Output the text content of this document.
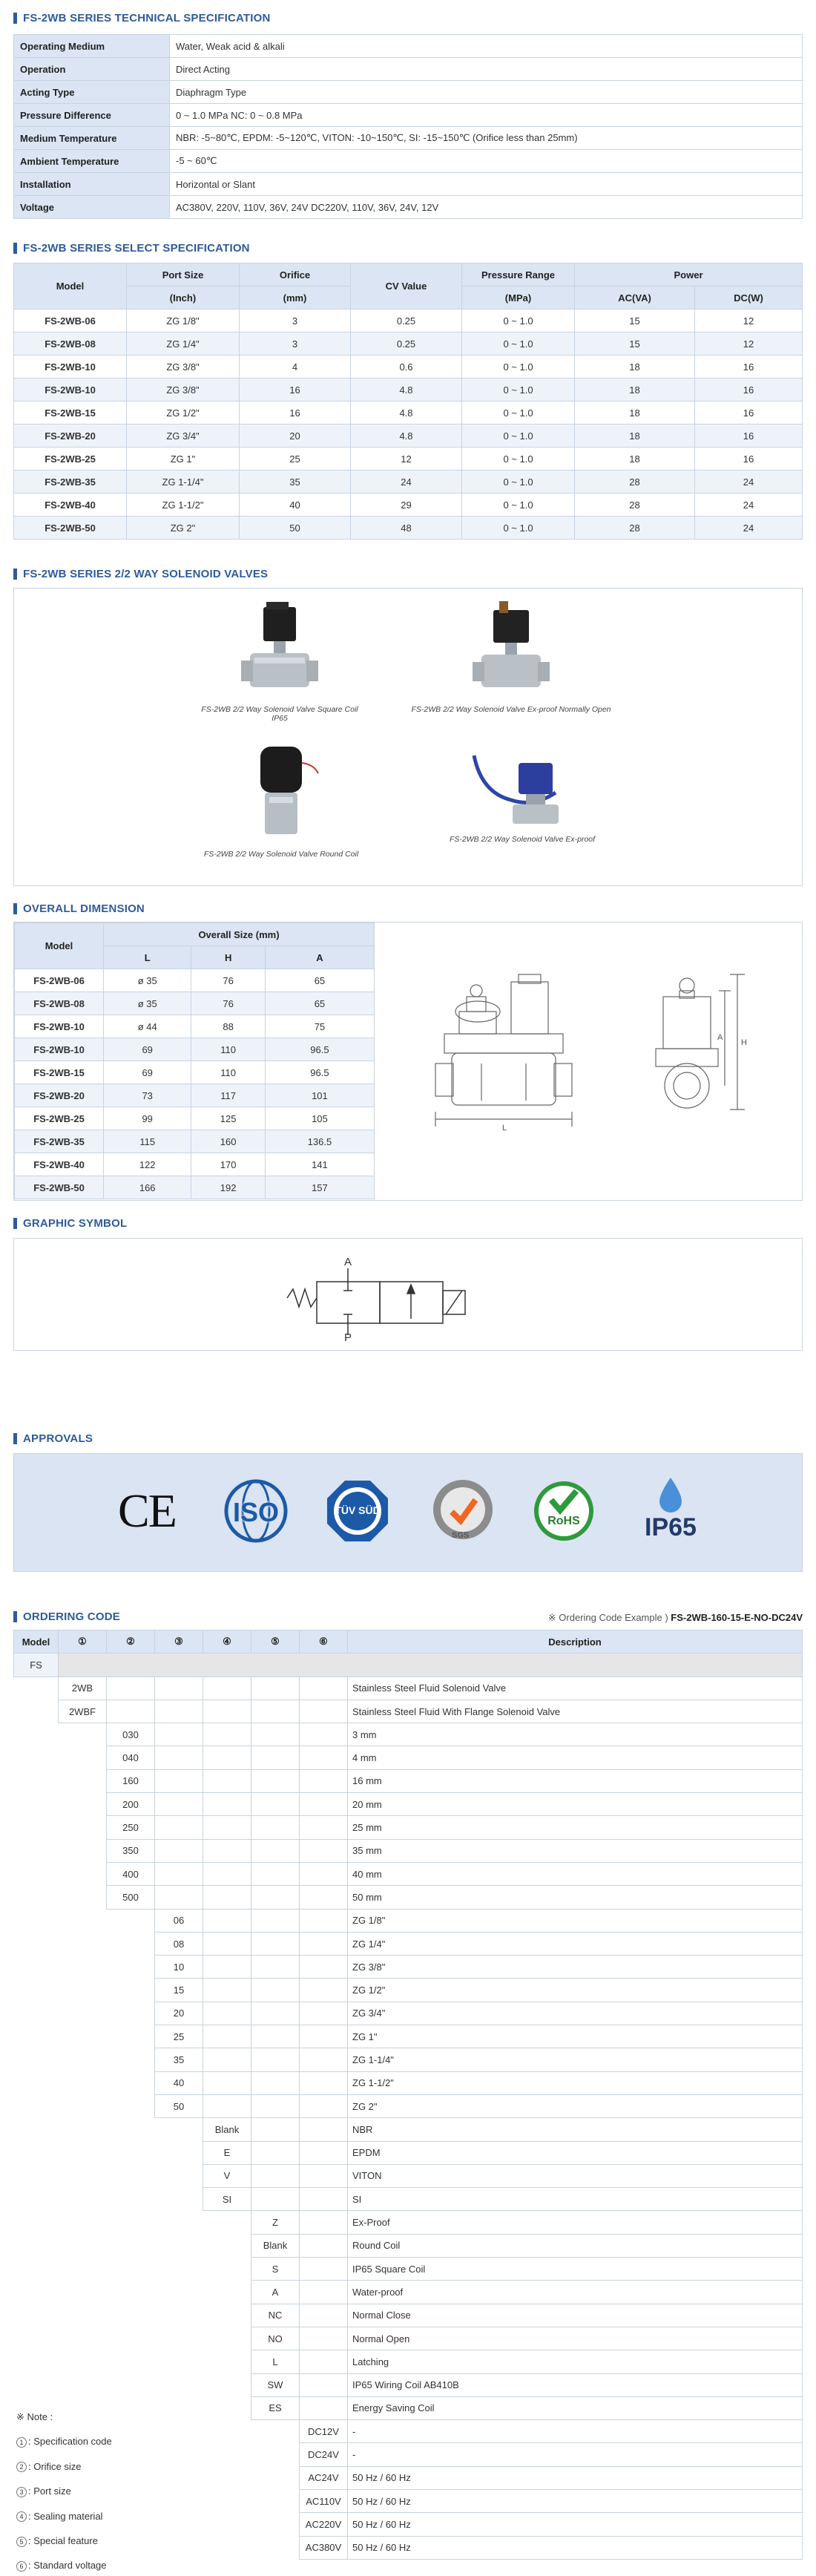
FS-2WB SERIES TECHNICAL SPECIFICATION
Operating Medium	Water, Weak acid & alkali
Operation	Direct Acting
Acting Type	Diaphragm Type
Pressure Difference	0 ~ 1.0 MPa NC: 0 ~ 0.8 MPa
Medium Temperature	NBR: -5~80℃, EPDM: -5~120℃, VITON: -10~150℃, SI: -15~150℃ (Orifice less than 25mm)
Ambient Temperature	-5 ~ 60℃
Installation	Horizontal or Slant
Voltage	AC380V, 220V, 110V, 36V, 24V DC220V, 110V, 36V, 24V, 12V
FS-2WB SERIES SELECT SPECIFICATION
Model	Port Size	Orifice	CV Value	Pressure Range	Power	
	(Inch)	(mm)		(MPa)	AC(VA)	DC(W)
FS-2WB-06	ZG 1/8"	3	0.25	0 ~ 1.0	15	12
FS-2WB-08	ZG 1/4"	3	0.25	0 ~ 1.0	15	12
FS-2WB-10	ZG 3/8"	4	0.6	0 ~ 1.0	18	16
FS-2WB-10	ZG 3/8"	16	4.8	0 ~ 1.0	18	16
FS-2WB-15	ZG 1/2"	16	4.8	0 ~ 1.0	18	16
FS-2WB-20	ZG 3/4"	20	4.8	0 ~ 1.0	18	16
FS-2WB-25	ZG 1"	25	12	0 ~ 1.0	18	16
FS-2WB-35	ZG 1-1/4"	35	24	0 ~ 1.0	28	24
FS-2WB-40	ZG 1-1/2"	40	29	0 ~ 1.0	28	24
FS-2WB-50	ZG 2"	50	48	0 ~ 1.0	28	24
FS-2WB SERIES 2/2 WAY SOLENOID VALVES
FS-2WB 2/2 Way Solenoid Valve Square Coil IP65
FS-2WB 2/2 Way Solenoid Valve Ex-proof Normally Open
FS-2WB 2/2 Way Solenoid Valve Round Coil
FS-2WB 2/2 Way Solenoid Valve Ex-proof
OVERALL DIMENSION
Model	Overall Size (mm)		
	L	H	A
FS-2WB-06	ø 35	76	65
FS-2WB-08	ø 35	76	65
FS-2WB-10	ø 44	88	75
FS-2WB-10	69	110	96.5
FS-2WB-15	69	110	96.5
FS-2WB-20	73	117	101
FS-2WB-25	99	125	105
FS-2WB-35	115	160	136.5
FS-2WB-40	122	170	141
FS-2WB-50	166	192	157
L
H
A
GRAPHIC SYMBOL
A
P
APPROVALS
CE	ISO	TÜV SÜD
SGS
RoHS	IP65
ORDERING CODE	※ Ordering Code Example ) FS-2WB-160-15-E-NO-DC24V
Model	①	②	③	④	⑤	⑥	Description
FS							
	2WB						Stainless Steel Fluid Solenoid Valve
	2WBF						Stainless Steel Fluid With Flange Solenoid Valve
		030					3 mm
		040					4 mm
		160					16 mm
		200					20 mm
		250					25 mm
		350					35 mm
		400					40 mm
		500					50 mm
			06				ZG 1/8"
			08				ZG 1/4"
			10				ZG 3/8"
			15				ZG 1/2"
			20				ZG 3/4"
			25				ZG 1"
			35				ZG 1-1/4"
			40				ZG 1-1/2"
			50				ZG 2"
				Blank			NBR
				E			EPDM
				V			VITON
				SI			SI
					Z		Ex-Proof
					Blank		Round Coil
					S		IP65 Square Coil
					A		Water-proof
					NC		Normal Close
					NO		Normal Open
					L		Latching
					SW		IP65 Wiring Coil AB410B
					ES		Energy Saving Coil
						DC12V	-
						DC24V	-
						AC24V	50 Hz / 60 Hz
						AC110V	50 Hz / 60 Hz
						AC220V	50 Hz / 60 Hz
						AC380V	50 Hz / 60 Hz
※ Note :
1 : Specification code
2 : Orifice size
3 : Port size
4 : Sealing material
5 : Special feature
6 : Standard voltage
